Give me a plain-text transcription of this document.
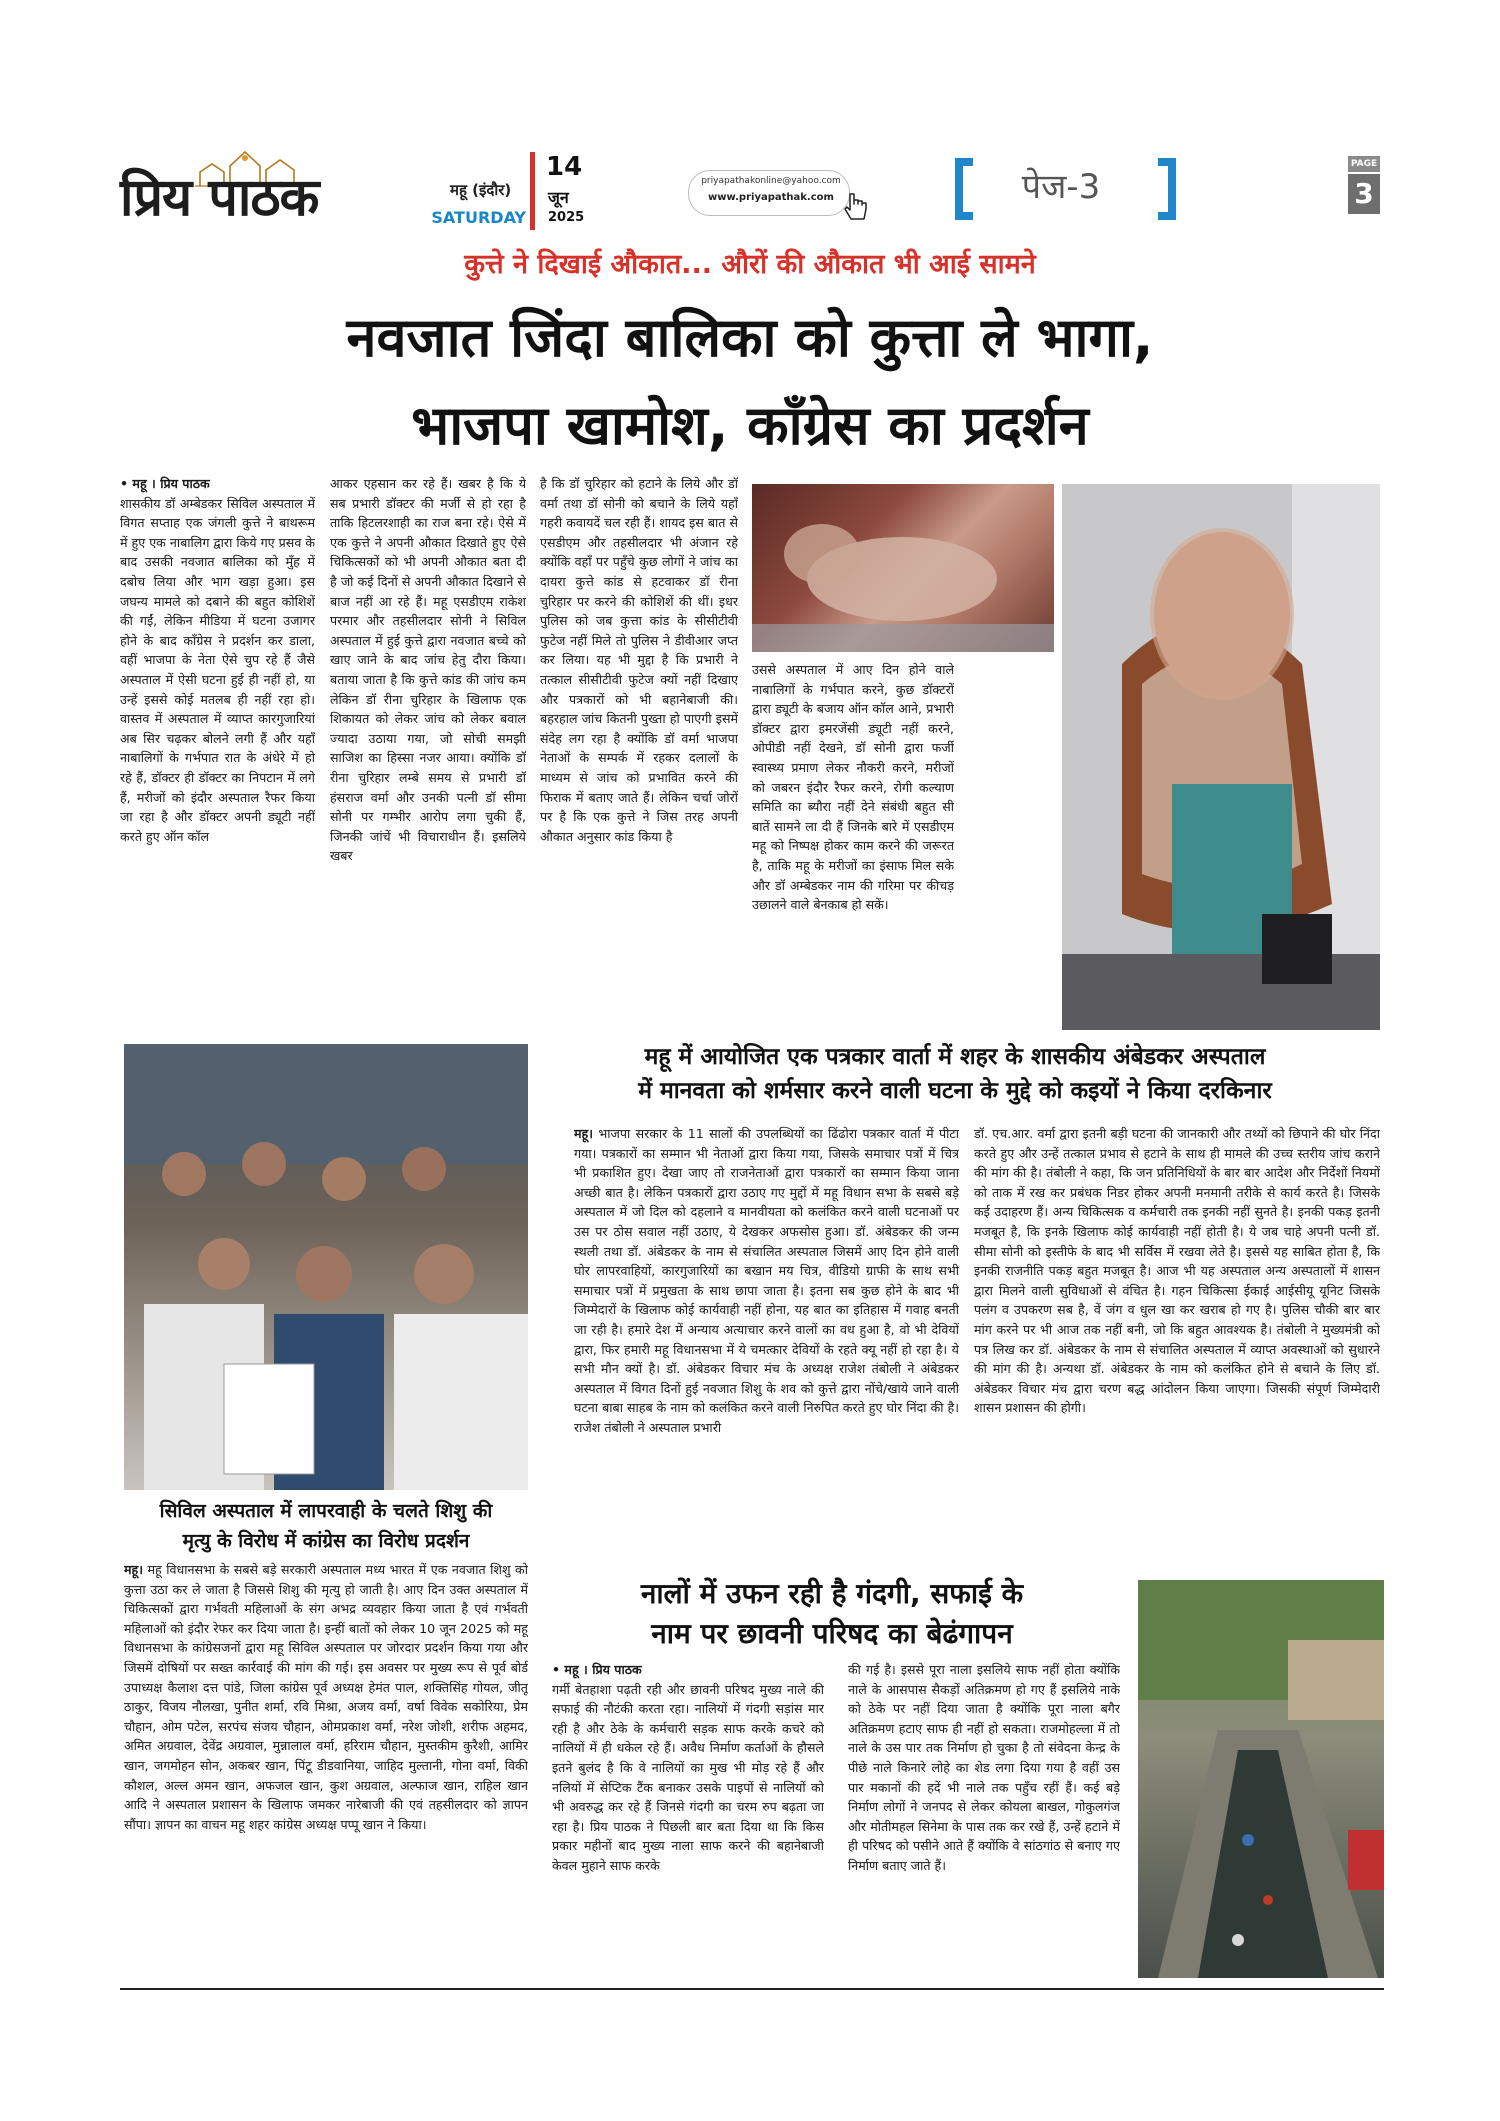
प्रिय पाठक	महू (इंदौर)
SATURDAY
14
जून
2025
priyapathakonline@yahoo.com
www.priyapathak.com	पेज-3
PAGE
3
कुत्ते ने दिखाई औकात... औरों की औकात भी आई सामने
नवजात जिंदा बालिका को कुत्ता ले भागा,
भाजपा खामोश, काँग्रेस का प्रदर्शन

• महू । प्रिय पाठक
शासकीय डॉ अम्बेडकर सिविल अस्पताल में विगत सप्ताह एक जंगली कुत्ते ने बाथरूम में हुए एक नाबालिग द्वारा किये गए प्रसव के बाद उसकी नवजात बालिका को मुँह में दबोच लिया और भाग खड़ा हुआ। इस जघन्य मामले को दबाने की बहुत कोशिशें की गईं, लेकिन मीडिया में घटना उजागर होने के बाद कॉंग्रेस ने प्रदर्शन कर डाला, वहीं भाजपा के नेता ऐसे चुप रहे हैं जैसे अस्पताल में ऐसी घटना हुई ही नहीं हो, या उन्हें इससे कोई मतलब ही नहीं रहा हो। वास्तव में अस्पताल में व्याप्त कारगुजारियां अब सिर चढ़कर बोलने लगी हैं और यहाँ नाबालिगों के गर्भपात रात के अंधेरे में हो रहे हैं, डॉक्टर ही डॉक्टर का निपटान में लगे हैं, मरीजों को इंदौर अस्पताल रैफर किया जा रहा है और डॉक्टर अपनी ड्यूटी नहीं करते हुए ऑन कॉल

आकर एहसान कर रहे हैं। खबर है कि ये सब प्रभारी डॉक्टर की मर्जी से हो रहा है ताकि हिटलरशाही का राज बना रहे। ऐसे में एक कुत्ते ने अपनी औकात दिखाते हुए ऐसे चिकित्सकों को भी अपनी औकात बता दी है जो कई दिनों से अपनी औकात दिखाने से बाज नहीं आ रहे हैं। महू एसडीएम राकेश परमार और तहसीलदार सोनी ने सिविल अस्पताल में हुई कुत्ते द्वारा नवजात बच्चे को खाए जाने के बाद जांच हेतु दौरा किया। बताया जाता है कि कुत्ते कांड की जांच कम लेकिन डॉ रीना चुरिहार के खिलाफ एक शिकायत को लेकर जांच को लेकर बवाल ज्यादा उठाया गया, जो सोची समझी साजिश का हिस्सा नजर आया। क्योंकि डॉ रीना चुरिहार लम्बे समय से प्रभारी डॉ हंसराज वर्मा और उनकी पत्नी डॉ सीमा सोनी पर गम्भीर आरोप लगा चुकी हैं, जिनकी जांचें भी विचाराधीन हैं। इसलिये खबर

है कि डॉ चुरिहार को हटाने के लिये और डॉ वर्मा तथा डॉ सोनी को बचाने के लिये यहाँ गहरी कवायदें चल रही हैं। शायद इस बात से एसडीएम और तहसीलदार भी अंजान रहे क्योंकि वहाँ पर पहुँचे कुछ लोगों ने जांच का दायरा कुत्ते कांड से हटवाकर डॉ रीना चुरिहार पर करने की कोशिशें की थीं। इधर पुलिस को जब कुत्ता कांड के सीसीटीवी फुटेज नहीं मिले तो पुलिस ने डीवीआर जप्त कर लिया। यह भी मुद्दा है कि प्रभारी ने तत्काल सीसीटीवी फुटेज क्यों नहीं दिखाए और पत्रकारों को भी बहानेबाजी की। बहरहाल जांच कितनी पुख्ता हो पाएगी इसमें संदेह लग रहा है क्योंकि डॉ वर्मा भाजपा नेताओं के सम्पर्क में रहकर दलालों के माध्यम से जांच को प्रभावित करने की फिराक में बताए जाते हैं। लेकिन चर्चा जोरों पर है कि एक कुत्ते ने जिस तरह अपनी औकात अनुसार कांड किया है

उससे अस्पताल में आए दिन होने वाले नाबालिगों के गर्भपात करने, कुछ डॉक्टरों द्वारा ड्यूटी के बजाय ऑन कॉल आने, प्रभारी डॉक्टर द्वारा इमरजेंसी ड्यूटी नहीं करने, ओपीडी नहीं देखने, डॉ सोनी द्वारा फर्जी स्वास्थ्य प्रमाण लेकर नौकरी करने, मरीजों को जबरन इंदौर रैफर करने, रोगी कल्याण समिति का ब्यौरा नहीं देने संबंधी बहुत सी बातें सामने ला दी हैं जिनके बारे में एसडीएम महू को निष्पक्ष होकर काम करने की जरूरत है, ताकि महू के मरीजों का इंसाफ मिल सके और डॉ अम्बेडकर नाम की गरिमा पर कीचड़ उछालने वाले बेनकाब हो सकें।

महू में आयोजित एक पत्रकार वार्ता में शहर के शासकीय अंबेडकर अस्पताल
में मानवता को शर्मसार करने वाली घटना के मुद्दे को कइयों ने किया दरकिनार

महू। भाजपा सरकार के 11 सालों की उपलब्धियों का ढिंढोरा पत्रकार वार्ता में पीटा गया। पत्रकारों का सम्मान भी नेताओं द्वारा किया गया, जिसके समाचार पत्रों में चित्र भी प्रकाशित हुए। देखा जाए तो राजनेताओं द्वारा पत्रकारों का सम्मान किया जाना अच्छी बात है। लेकिन पत्रकारों द्वारा उठाए गए मुद्दों में महू विधान सभा के सबसे बड़े अस्पताल में जो दिल को दहलाने व मानवीयता को कलंकित करने वाली घटनाओं पर उस पर ठोस सवाल नहीं उठाए, ये देखकर अफसोस हुआ। डॉ. अंबेडकर की जन्म स्थली तथा डॉ. अंबेडकर के नाम से संचालित अस्पताल जिसमें आए दिन होने वाली घोर लापरवाहियों, कारगुजारियों का बखान मय चित्र, वीडियो ग्राफी के साथ सभी समाचार पत्रों में प्रमुखता के साथ छापा जाता है। इतना सब कुछ होने के बाद भी जिम्मेदारों के खिलाफ कोई कार्यवाही नहीं होना, यह बात का इतिहास में गवाह बनती जा रही है। हमारे देश में अन्याय अत्याचार करने वालों का वध हुआ है, वो भी देवियों द्वारा, फिर हमारी महू विधानसभा में ये चमत्कार देवियों के रहते क्यू नहीं हो रहा है। ये सभी मौन क्यों है। डॉ. अंबेडकर विचार मंच के अध्यक्ष राजेश तंबोली ने अंबेडकर अस्पताल में विगत दिनों हुई नवजात शिशु के शव को कुत्ते द्वारा नोंचे/खाये जाने वाली घटना बाबा साहब के नाम को कलंकित करने वाली निरुपित करते हुए घोर निंदा की है। राजेश तंबोली ने अस्पताल प्रभारी

डॉ. एच.आर. वर्मा द्वारा इतनी बड़ी घटना की जानकारी और तथ्यों को छिपाने की घोर निंदा करते हुए और उन्हें तत्काल प्रभाव से हटाने के साथ ही मामले की उच्च स्तरीय जांच कराने की मांग की है। तंबोली ने कहा, कि जन प्रतिनिधियों के बार बार आदेश और निर्देशों नियमों को ताक में रख कर प्रबंधक निडर होकर अपनी मनमानी तरीके से कार्य करते है। जिसके कई उदाहरण हैं। अन्य चिकित्सक व कर्मचारी तक इनकी नहीं सुनते है। इनकी पकड़ इतनी मजबूत है, कि इनके खिलाफ कोई कार्यवाही नहीं होती है। ये जब चाहे अपनी पत्नी डॉ. सीमा सोनी को इस्तीफे के बाद भी सर्विस में रखवा लेते है। इससे यह साबित होता है, कि इनकी राजनीति पकड़ बहुत मजबूत है। आज भी यह अस्पताल अन्य अस्पतालों में शासन द्वारा मिलने वाली सुविधाओं से वंचित है। गहन चिकित्सा ईकाई आईसीयू यूनिट जिसके पलंग व उपकरण सब है, वें जंग व धुल खा कर खराब हो गए है। पुलिस चौकी बार बार मांग करने पर भी आज तक नहीं बनी, जो कि बहुत आवश्यक है। तंबोली ने मुख्यमंत्री को पत्र लिख कर डॉ. अंबेडकर के नाम से संचालित अस्पताल में व्याप्त अवस्थाओं को सुधारने की मांग की है। अन्यथा डॉ. अंबेडकर के नाम को कलंकित होने से बचाने के लिए डॉ. अंबेडकर विचार मंच द्वारा चरण बद्ध आंदोलन किया जाएगा। जिसकी संपूर्ण जिम्मेदारी शासन प्रशासन की होगी।

सिविल अस्पताल में लापरवाही के चलते शिशु की
मृत्यु के विरोध में कांग्रेस का विरोध प्रदर्शन

महू। महू विधानसभा के सबसे बड़े सरकारी अस्पताल मध्य भारत में एक नवजात शिशु को कुत्ता उठा कर ले जाता है जिससे शिशु की मृत्यु हो जाती है। आए दिन उक्त अस्पताल में चिकित्सकों द्वारा गर्भवती महिलाओं के संग अभद्र व्यवहार किया जाता है एवं गर्भवती महिलाओं को इंदौर रेफर कर दिया जाता है। इन्हीं बातों को लेकर 10 जून 2025 को महू विधानसभा के कांग्रेसजनों द्वारा महू सिविल अस्पताल पर जोरदार प्रदर्शन किया गया और जिसमें दोषियों पर सख्त कार्रवाई की मांग की गई। इस अवसर पर मुख्य रूप से पूर्व बोर्ड उपाध्यक्ष कैलाश दत्त पांडे, जिला कांग्रेस पूर्व अध्यक्ष हेमंत पाल, शक्तिसिंह गोयल, जीतू ठाकुर, विजय नौलखा, पुनीत शर्मा, रवि मिश्रा, अजय वर्मा, वर्षा विवेक सकोरिया, प्रेम चौहान, ओम पटेल, सरपंच संजय चौहान, ओमप्रकाश वर्मा, नरेश जोशी, शरीफ अहमद, अमित अग्रवाल, देवेंद्र अग्रवाल, मुन्नालाल वर्मा, हरिराम चौहान, मुस्तकीम कुरैशी, आमिर खान, जगमोहन सोन, अकबर खान, पिंटू डीडवानिया, जाहिद मुल्तानी, गोना वर्मा, विकी कौशल, अल्ल अमन खान, अफजल खान, कुश अग्रवाल, अल्फाज खान, राहिल खान आदि ने अस्पताल प्रशासन के खिलाफ जमकर नारेबाजी की एवं तहसीलदार को ज्ञापन सौंपा। ज्ञापन का वाचन महू शहर कांग्रेस अध्यक्ष पप्पू खान ने किया।

नालों में उफन रही है गंदगी, सफाई के
नाम पर छावनी परिषद का बेढंगापन

• महू । प्रिय पाठक
गर्मी बेतहाशा पढ़ती रही और छावनी परिषद मुख्य नाले की सफाई की नौटंकी करता रहा। नालियों में गंदगी सड़ांस मार रही है और ठेके के कर्मचारी सड़क साफ करके कचरे को नालियों में ही धकेल रहे हैं। अवैध निर्माण कर्ताओं के हौसले इतने बुलंद है कि वे नालियों का मुख भी मोड़ रहे हैं और नलियों में सेप्टिक टैंक बनाकर उसके पाइपों से नालियों को भी अवरुद्ध कर रहे हैं जिनसे गंदगी का चरम रुप बढ़ता जा रहा है। प्रिय पाठक ने पिछली बार बता दिया था कि किस प्रकार महीनों बाद मुख्य नाला साफ करने की बहानेबाजी केवल मुहाने साफ करके

की गई है। इससे पूरा नाला इसलिये साफ नहीं होता क्योंकि नाले के आसपास सैकड़ों अतिक्रमण हो गए हैं इसलिये नाके को ठेके पर नहीं दिया जाता है क्योंकि पूरा नाला बगैर अतिक्रमण हटाए साफ ही नहीं हो सकता। राजमोहल्ला में तो नाले के उस पार तक निर्माण हो चुका है तो संवेदना केन्द्र के पीछे नाले किनारे लोहे का शेड लगा दिया गया है वहीं उस पार मकानों की हदें भी नाले तक पहुँच रहीं हैं। कई बड़े निर्माण लोगों ने जनपद से लेकर कोयला बाखल, गोकुलगंज और मोतीमहल सिनेमा के पास तक कर रखे हैं, उन्हें हटाने में ही परिषद को पसीने आते हैं क्योंकि वे सांठगांठ से बनाए गए निर्माण बताए जाते हैं।
